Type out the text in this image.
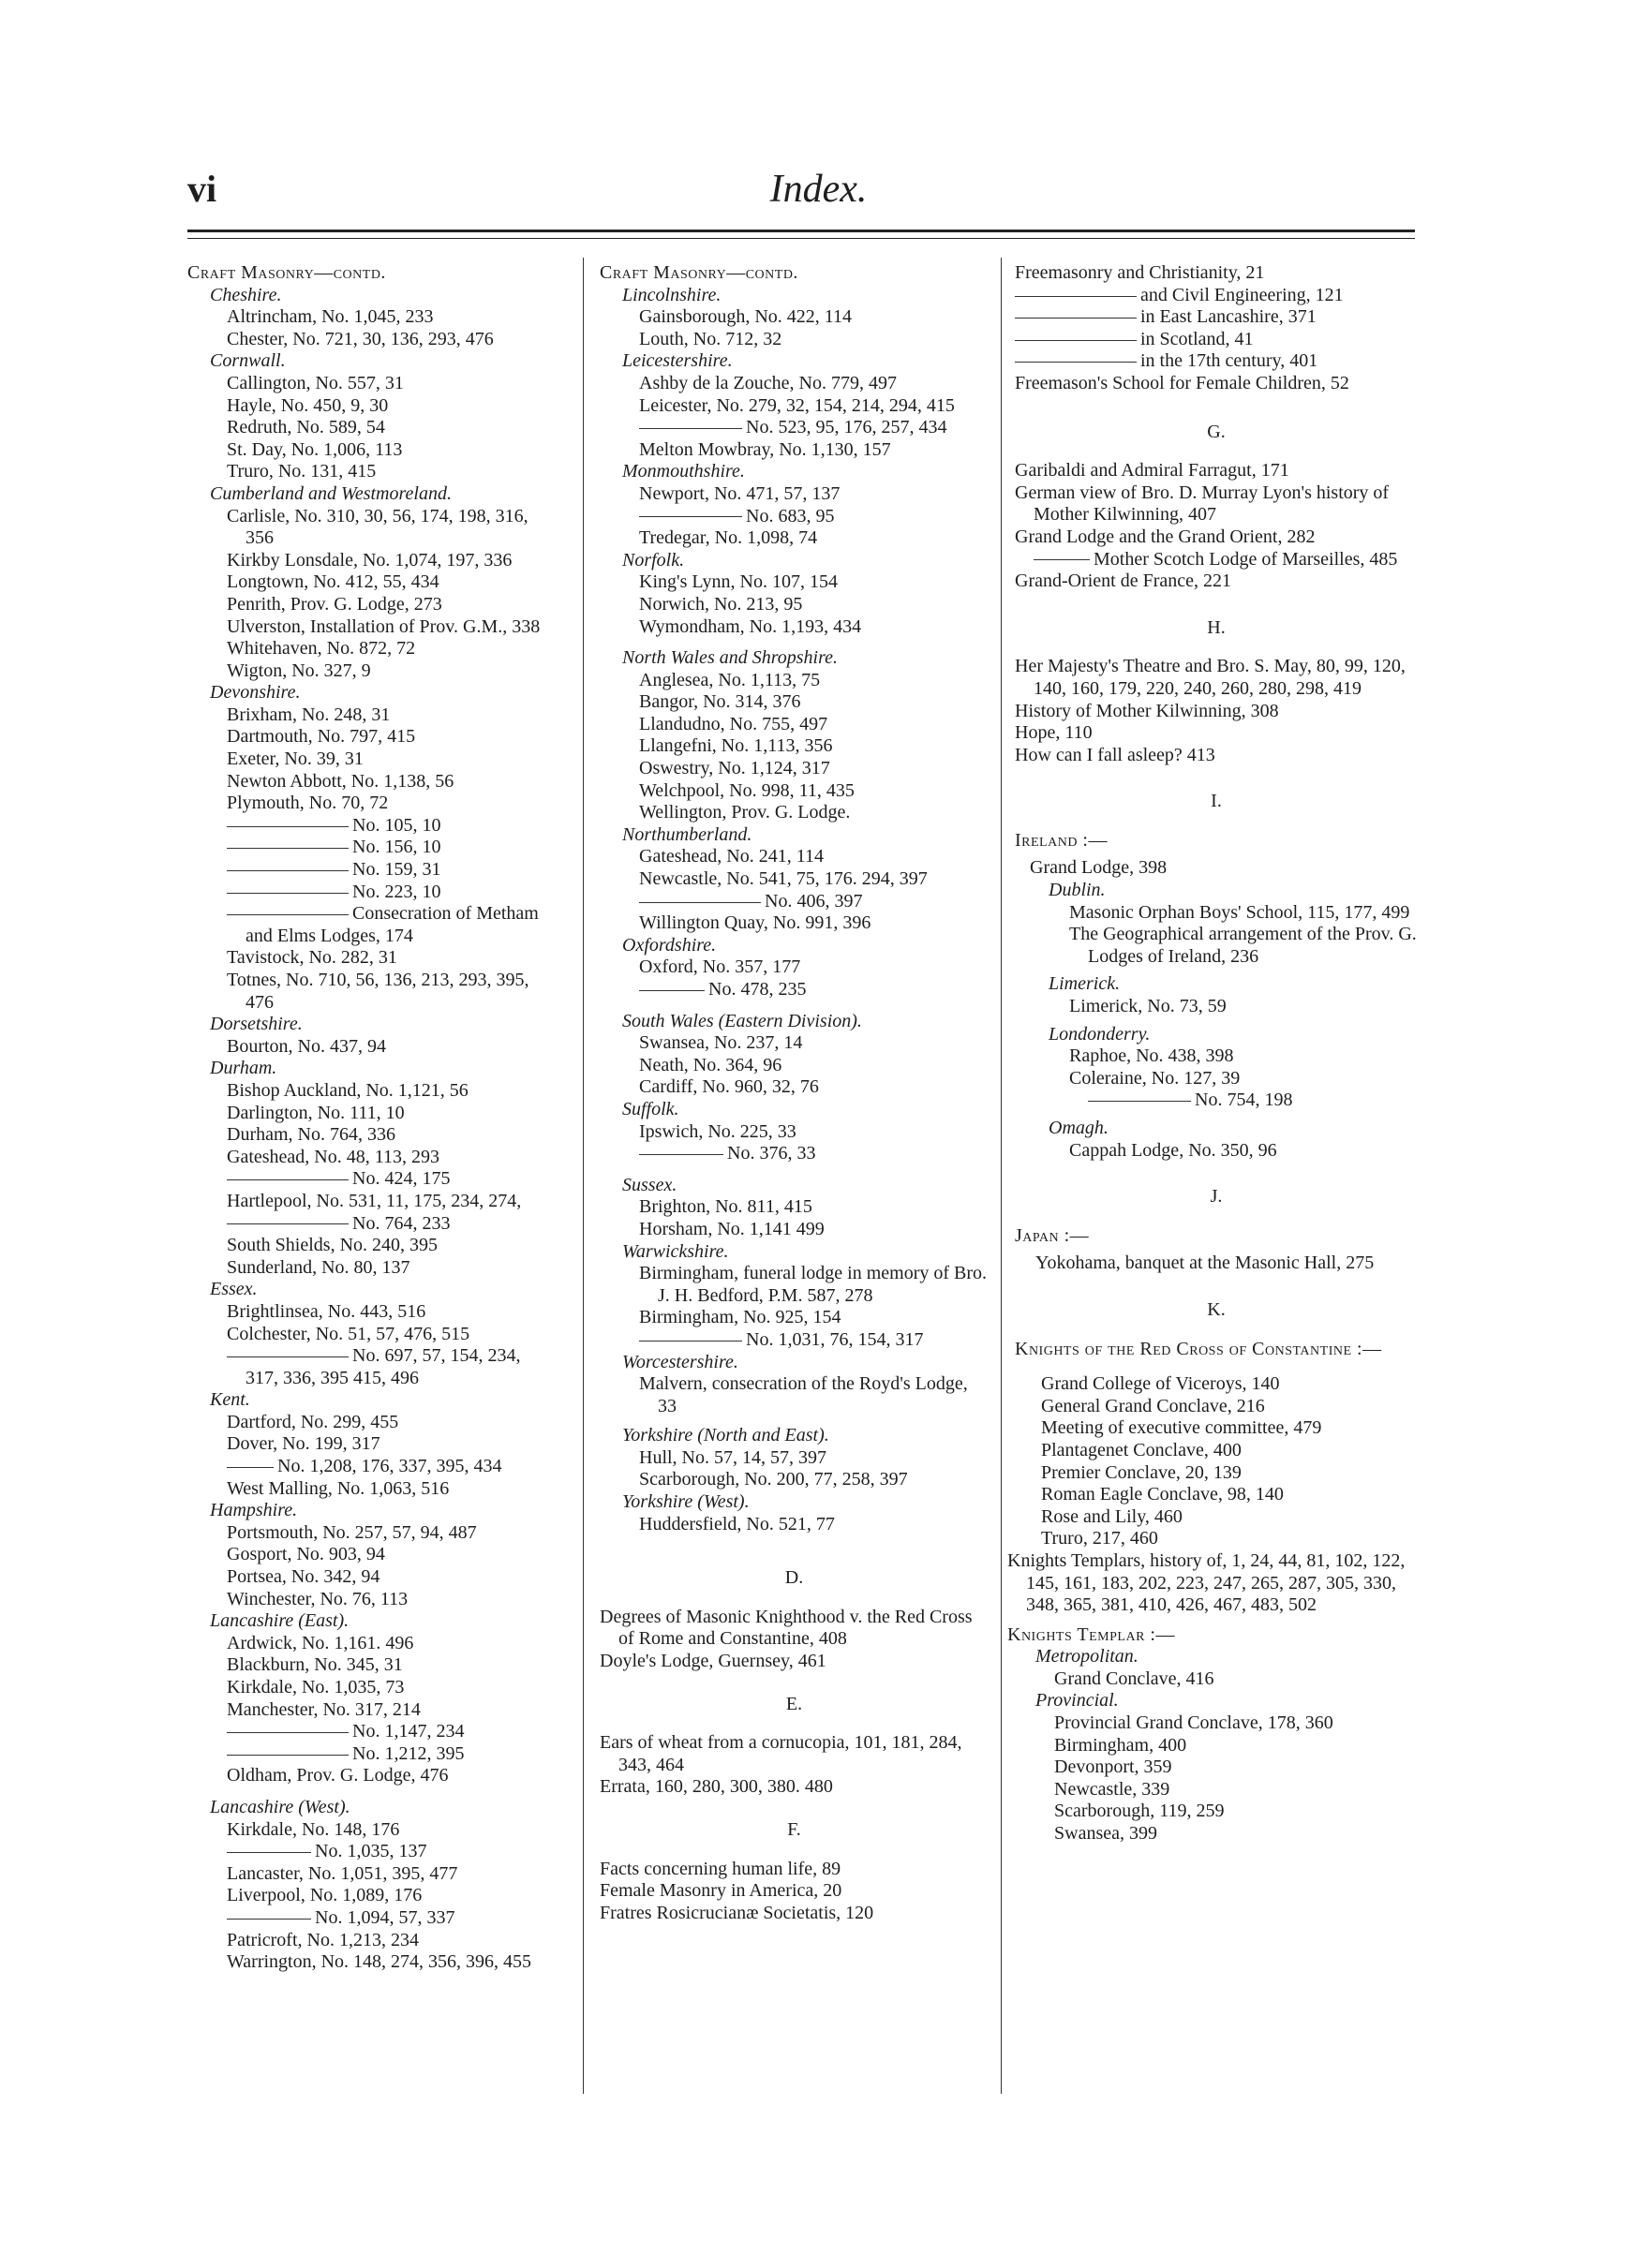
vi	Index.
Craft Masonry—contd.
Cheshire.
Altrincham, No. 1,045, 233
Chester, No. 721, 30, 136, 293, 476
Cornwall.
Callington, No. 557, 31
Hayle, No. 450, 9, 30
Redruth, No. 589, 54
St. Day, No. 1,006, 113
Truro, No. 131, 415
Cumberland and Westmoreland.
Carlisle, No. 310, 30, 56, 174, 198, 316, 356
Kirkby Lonsdale, No. 1,074, 197, 336
Longtown, No. 412, 55, 434
Penrith, Prov. G. Lodge, 273
Ulverston, Installation of Prov. G.M., 338
Whitehaven, No. 872, 72
Wigton, No. 327, 9
Devonshire.
Brixham, No. 248, 31
Dartmouth, No. 797, 415
Exeter, No. 39, 31
Newton Abbott, No. 1,138, 56
Plymouth, No. 70, 72
No. 105, 10
No. 156, 10
No. 159, 31
No. 223, 10
Consecration of Metham and Elms Lodges, 174
Tavistock, No. 282, 31
Totnes, No. 710, 56, 136, 213, 293, 395, 476
Dorsetshire.
Bourton, No. 437, 94
Durham.
Bishop Auckland, No. 1,121, 56
Darlington, No. 111, 10
Durham, No. 764, 336
Gateshead, No. 48, 113, 293
No. 424, 175
Hartlepool, No. 531, 11, 175, 234, 274,
No. 764, 233
South Shields, No. 240, 395
Sunderland, No. 80, 137
Essex.
Brightlinsea, No. 443, 516
Colchester, No. 51, 57, 476, 515
No. 697, 57, 154, 234, 317, 336, 395 415, 496
Kent.
Dartford, No. 299, 455
Dover, No. 199, 317
No. 1,208, 176, 337, 395, 434
West Malling, No. 1,063, 516
Hampshire.
Portsmouth, No. 257, 57, 94, 487
Gosport, No. 903, 94
Portsea, No. 342, 94
Winchester, No. 76, 113
Lancashire (East).
Ardwick, No. 1,161. 496
Blackburn, No. 345, 31
Kirkdale, No. 1,035, 73
Manchester, No. 317, 214
No. 1,147, 234
No. 1,212, 395
Oldham, Prov. G. Lodge, 476
Lancashire (West).
Kirkdale, No. 148, 176
No. 1,035, 137
Lancaster, No. 1,051, 395, 477
Liverpool, No. 1,089, 176
No. 1,094, 57, 337
Patricroft, No. 1,213, 234
Warrington, No. 148, 274, 356, 396, 455
Craft Masonry—contd.
Lincolnshire.
Gainsborough, No. 422, 114
Louth, No. 712, 32
Leicestershire.
Ashby de la Zouche, No. 779, 497
Leicester, No. 279, 32, 154, 214, 294, 415
No. 523, 95, 176, 257, 434
Melton Mowbray, No. 1,130, 157
Monmouthshire.
Newport, No. 471, 57, 137
No. 683, 95
Tredegar, No. 1,098, 74
Norfolk.
King's Lynn, No. 107, 154
Norwich, No. 213, 95
Wymondham, No. 1,193, 434
North Wales and Shropshire.
Anglesea, No. 1,113, 75
Bangor, No. 314, 376
Llandudno, No. 755, 497
Llangefni, No. 1,113, 356
Oswestry, No. 1,124, 317
Welchpool, No. 998, 11, 435
Wellington, Prov. G. Lodge.
Northumberland.
Gateshead, No. 241, 114
Newcastle, No. 541, 75, 176. 294, 397
No. 406, 397
Willington Quay, No. 991, 396
Oxfordshire.
Oxford, No. 357, 177
No. 478, 235
South Wales (Eastern Division).
Swansea, No. 237, 14
Neath, No. 364, 96
Cardiff, No. 960, 32, 76
Suffolk.
Ipswich, No. 225, 33
No. 376, 33
Sussex.
Brighton, No. 811, 415
Horsham, No. 1,141 499
Warwickshire.
Birmingham, funeral lodge in memory of Bro. J. H. Bedford, P.M. 587, 278
Birmingham, No. 925, 154
No. 1,031, 76, 154, 317
Worcestershire.
Malvern, consecration of the Royd's Lodge, 33
Yorkshire (North and East).
Hull, No. 57, 14, 57, 397
Scarborough, No. 200, 77, 258, 397
Yorkshire (West).
Huddersfield, No. 521, 77
D.
Degrees of Masonic Knighthood v. the Red Cross of Rome and Constantine, 408
Doyle's Lodge, Guernsey, 461
E.
Ears of wheat from a cornucopia, 101, 181, 284, 343, 464
Errata, 160, 280, 300, 380. 480
F.
Facts concerning human life, 89
Female Masonry in America, 20
Fratres Rosicrucianæ Societatis, 120
Freemasonry and Christianity, 21
and Civil Engineering, 121
in East Lancashire, 371
in Scotland, 41
in the 17th century, 401
Freemason's School for Female Children, 52
G.
Garibaldi and Admiral Farragut, 171
German view of Bro. D. Murray Lyon's history of Mother Kilwinning, 407
Grand Lodge and the Grand Orient, 282
Mother Scotch Lodge of Marseilles, 485
Grand-Orient de France, 221
H.
Her Majesty's Theatre and Bro. S. May, 80, 99, 120, 140, 160, 179, 220, 240, 260, 280, 298, 419
History of Mother Kilwinning, 308
Hope, 110
How can I fall asleep? 413
I.
Ireland :—
Grand Lodge, 398
Dublin.
Masonic Orphan Boys' School, 115, 177, 499
The Geographical arrangement of the Prov. G. Lodges of Ireland, 236
Limerick.
Limerick, No. 73, 59
Londonderry.
Raphoe, No. 438, 398
Coleraine, No. 127, 39
No. 754, 198
Omagh.
Cappah Lodge, No. 350, 96
J.
Japan :—
Yokohama, banquet at the Masonic Hall, 275
K.
Knights of the Red Cross of Constantine :—
Grand College of Viceroys, 140
General Grand Conclave, 216
Meeting of executive committee, 479
Plantagenet Conclave, 400
Premier Conclave, 20, 139
Roman Eagle Conclave, 98, 140
Rose and Lily, 460
Truro, 217, 460
Knights Templars, history of, 1, 24, 44, 81, 102, 122, 145, 161, 183, 202, 223, 247, 265, 287, 305, 330, 348, 365, 381, 410, 426, 467, 483, 502
Knights Templar :—
Metropolitan.
Grand Conclave, 416
Provincial.
Provincial Grand Conclave, 178, 360
Birmingham, 400
Devonport, 359
Newcastle, 339
Scarborough, 119, 259
Swansea, 399
